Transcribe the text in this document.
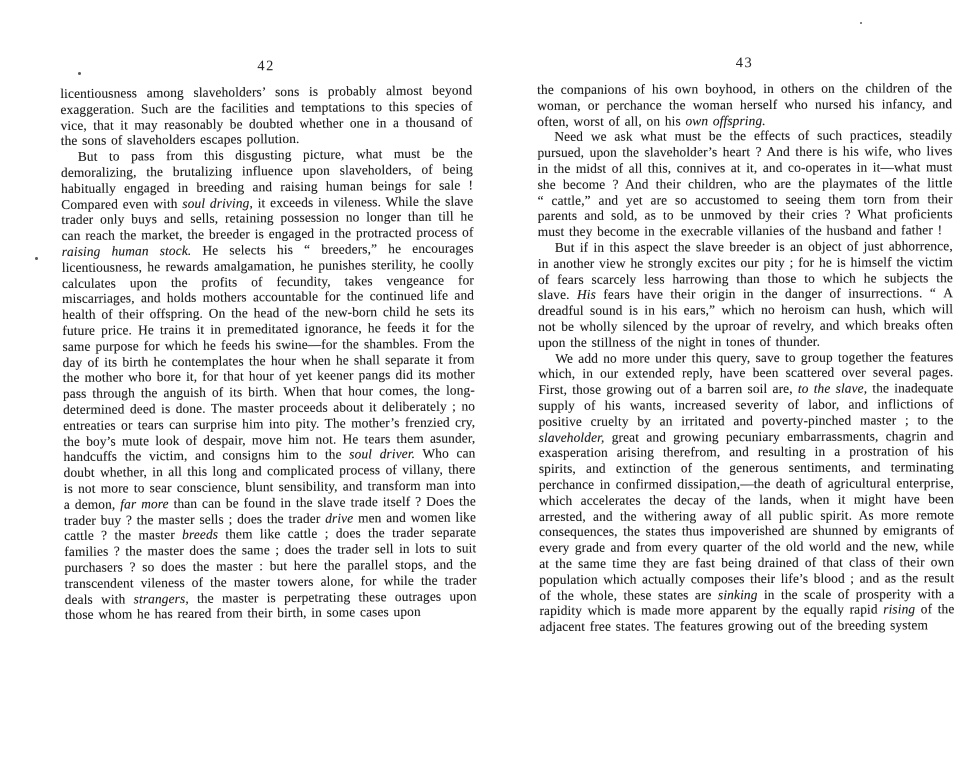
42

licentiousness among slaveholders’ sons is probably almost beyond exaggeration. Such are the facilities and temptations to this species of vice, that it may reasonably be doubted whether one in a thousand of the sons of slaveholders escapes pollution.

But to pass from this disgusting picture, what must be the demoralizing, the brutalizing influence upon slaveholders, of being habitually engaged in breeding and raising human beings for sale ! Compared even with soul driving, it exceeds in vileness. While the slave trader only buys and sells, retaining possession no longer than till he can reach the market, the breeder is engaged in the protracted process of raising human stock. He selects his “ breeders,” he encourages licentiousness, he rewards amalgamation, he punishes sterility, he coolly calculates upon the profits of fecundity, takes vengeance for miscarriages, and holds mothers accountable for the continued life and health of their offspring. On the head of the new-born child he sets its future price. He trains it in premeditated ignorance, he feeds it for the same purpose for which he feeds his swine—for the shambles. From the day of its birth he contemplates the hour when he shall separate it from the mother who bore it, for that hour of yet keener pangs did its mother pass through the anguish of its birth. When that hour comes, the long-determined deed is done. The master proceeds about it deliberately ; no entreaties or tears can surprise him into pity. The mother’s frenzied cry, the boy’s mute look of despair, move him not. He tears them asunder, handcuffs the victim, and consigns him to the soul driver. Who can doubt whether, in all this long and complicated process of villany, there is not more to sear conscience, blunt sensibility, and transform man into a demon, far more than can be found in the slave trade itself ? Does the trader buy ? the master sells ; does the trader drive men and women like cattle ? the master breeds them like cattle ; does the trader separate families ? the master does the same ; does the trader sell in lots to suit purchasers ? so does the master : but here the parallel stops, and the transcendent vileness of the master towers alone, for while the trader deals with strangers, the master is perpetrating these outrages upon those whom he has reared from their birth, in some cases upon

43

the companions of his own boyhood, in others on the children of the woman, or perchance the woman herself who nursed his infancy, and often, worst of all, on his own offspring.

Need we ask what must be the effects of such practices, steadily pursued, upon the slaveholder’s heart ? And there is his wife, who lives in the midst of all this, connives at it, and co-operates in it—what must she become ? And their children, who are the playmates of the little “ cattle,” and yet are so accustomed to seeing them torn from their parents and sold, as to be unmoved by their cries ? What proficients must they become in the execrable villanies of the husband and father !

But if in this aspect the slave breeder is an object of just abhorrence, in another view he strongly excites our pity ; for he is himself the victim of fears scarcely less harrowing than those to which he subjects the slave. His fears have their origin in the danger of insurrections. “ A dreadful sound is in his ears,” which no heroism can hush, which will not be wholly silenced by the uproar of revelry, and which breaks often upon the stillness of the night in tones of thunder.

We add no more under this query, save to group together the features which, in our extended reply, have been scattered over several pages. First, those growing out of a barren soil are, to the slave, the inadequate supply of his wants, increased severity of labor, and inflictions of positive cruelty by an irritated and poverty-pinched master ; to the slaveholder, great and growing pecuniary embarrassments, chagrin and exasperation arising therefrom, and resulting in a prostration of his spirits, and extinction of the generous sentiments, and terminating perchance in confirmed dissipation,—the death of agricultural enterprise, which accelerates the decay of the lands, when it might have been arrested, and the withering away of all public spirit. As more remote consequences, the states thus impoverished are shunned by emigrants of every grade and from every quarter of the old world and the new, while at the same time they are fast being drained of that class of their own population which actually composes their life’s blood ; and as the result of the whole, these states are sinking in the scale of prosperity with a rapidity which is made more apparent by the equally rapid rising of the adjacent free states. The features growing out of the breeding system
